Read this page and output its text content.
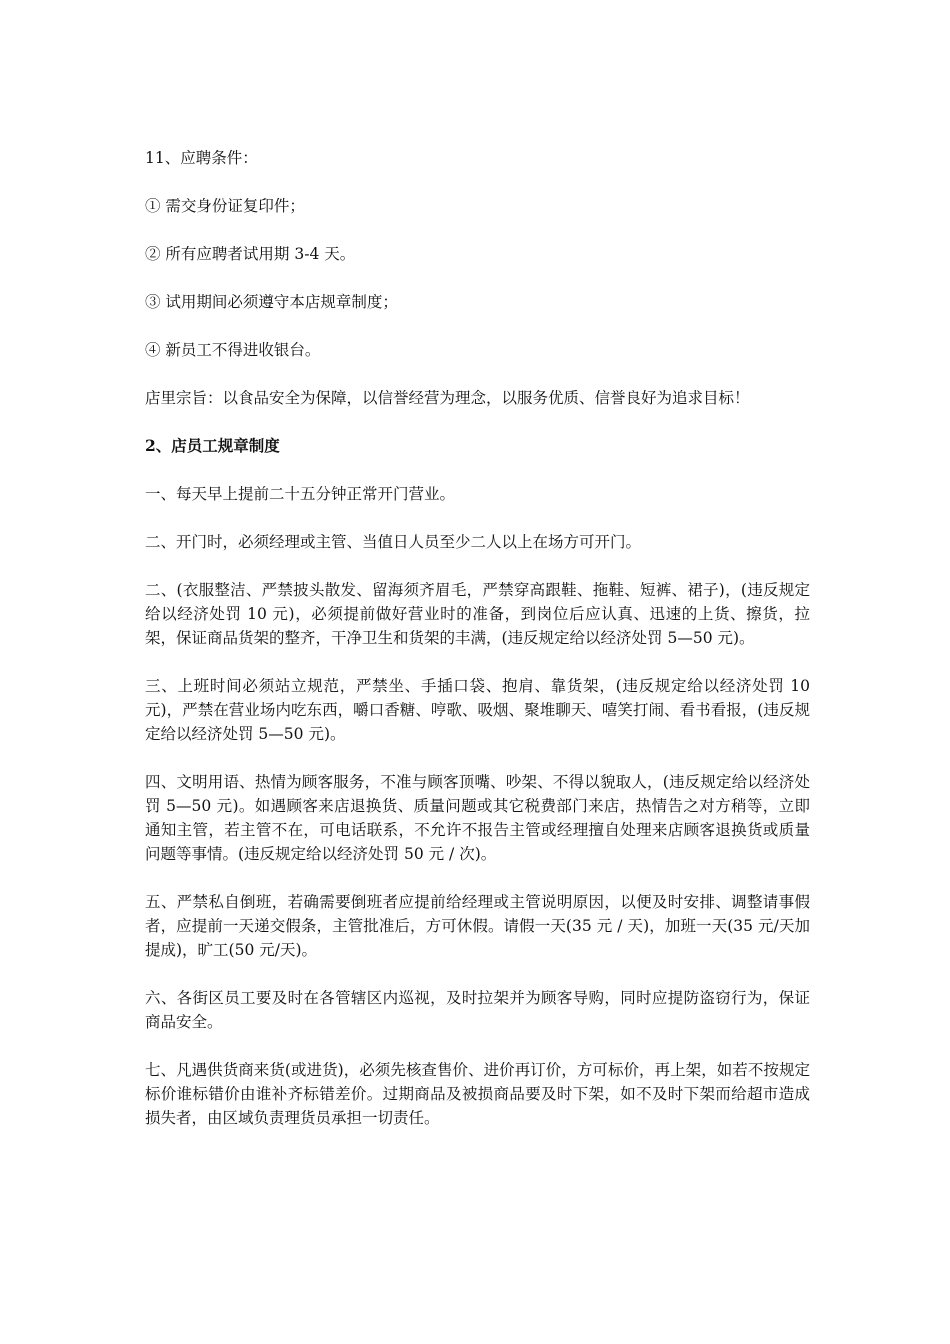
11、应聘条件：

① 需交身份证复印件；

② 所有应聘者试用期 3-4 天。

③ 试用期间必须遵守本店规章制度；

④ 新员工不得进收银台。

店里宗旨：以食品安全为保障，以信誉经营为理念，以服务优质、信誉良好为追求目标！

2、店员工规章制度

一、每天早上提前二十五分钟正常开门营业。

二、开门时，必须经理或主管、当值日人员至少二人以上在场方可开门。

二、(衣服整洁、严禁披头散发、留海须齐眉毛，严禁穿高跟鞋、拖鞋、短裤、裙子)，(违反规定给以经济处罚 10 元)，必须提前做好营业时的准备，到岗位后应认真、迅速的上货、擦货，拉架，保证商品货架的整齐，干净卫生和货架的丰满，(违反规定给以经济处罚 5—50 元)。

三、上班时间必须站立规范，严禁坐、手插口袋、抱肩、靠货架，(违反规定给以经济处罚 10 元)，严禁在营业场内吃东西，嚼口香糖、哼歌、吸烟、聚堆聊天、嘻笑打闹、看书看报，(违反规定给以经济处罚 5—50 元)。

四、文明用语、热情为顾客服务，不准与顾客顶嘴、吵架、不得以貌取人，(违反规定给以经济处罚 5—50 元)。如遇顾客来店退换货、质量问题或其它税费部门来店，热情告之对方稍等，立即通知主管，若主管不在，可电话联系，不允许不报告主管或经理擅自处理来店顾客退换货或质量问题等事情。(违反规定给以经济处罚 50 元 / 次)。

五、严禁私自倒班，若确需要倒班者应提前给经理或主管说明原因，以便及时安排、调整请事假者，应提前一天递交假条，主管批准后，方可休假。请假一天(35 元 / 天)，加班一天(35 元/天加提成)，旷工(50 元/天)。

六、各街区员工要及时在各管辖区内巡视，及时拉架并为顾客导购，同时应提防盗窃行为，保证商品安全。

七、凡遇供货商来货(或进货)，必须先核查售价、进价再订价，方可标价，再上架，如若不按规定标价谁标错价由谁补齐标错差价。过期商品及被损商品要及时下架，如不及时下架而给超市造成损失者，由区域负责理货员承担一切责任。
